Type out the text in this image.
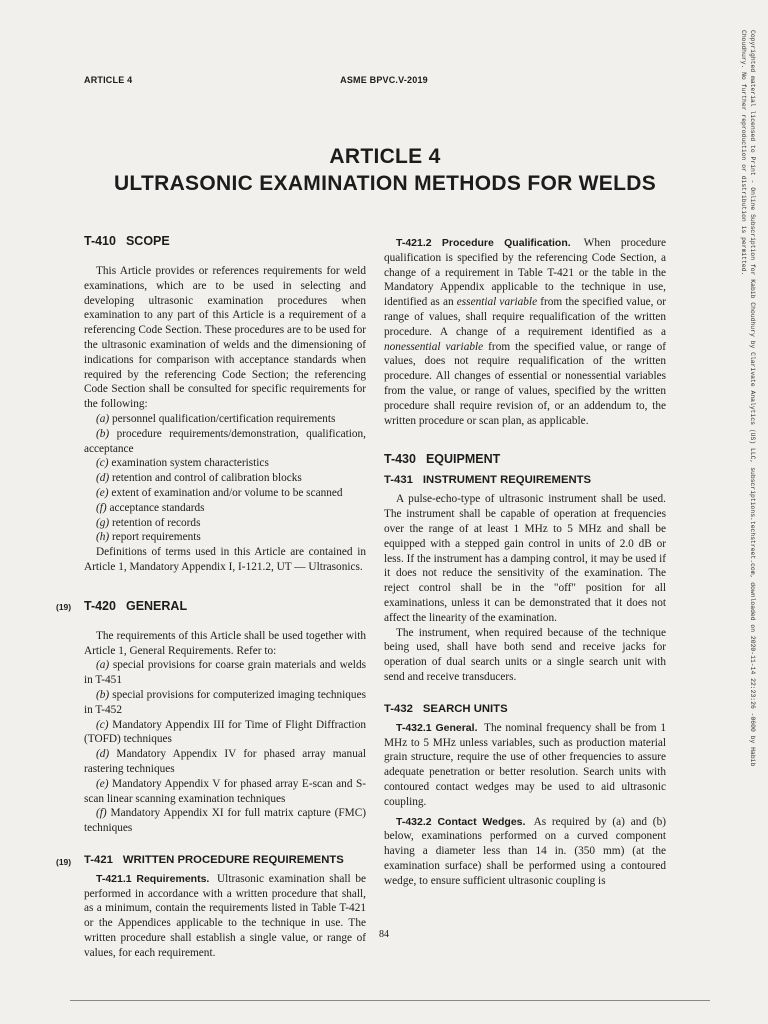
ARTICLE 4	ASME BPVC.V-2019
ARTICLE 4
ULTRASONIC EXAMINATION METHODS FOR WELDS
T-410 SCOPE

This Article provides or references requirements for weld examinations, which are to be used in selecting and developing ultrasonic examination procedures when examination to any part of this Article is a requirement of a referencing Code Section. These procedures are to be used for the ultrasonic examination of welds and the dimensioning of indications for comparison with acceptance standards when required by the referencing Code Section; the referencing Code Section shall be consulted for specific requirements for the following:

(a) personnel qualification/certification requirements

(b) procedure requirements/demonstration, qualification, acceptance

(c) examination system characteristics

(d) retention and control of calibration blocks

(e) extent of examination and/or volume to be scanned

(f) acceptance standards

(g) retention of records

(h) report requirements

Definitions of terms used in this Article are contained in Article 1, Mandatory Appendix I, I-121.2, UT — Ultrasonics.

(19) T-420 GENERAL

The requirements of this Article shall be used together with Article 1, General Requirements. Refer to:

(a) special provisions for coarse grain materials and welds in T-451

(b) special provisions for computerized imaging techniques in T-452

(c) Mandatory Appendix III for Time of Flight Diffraction (TOFD) techniques

(d) Mandatory Appendix IV for phased array manual rastering techniques

(e) Mandatory Appendix V for phased array E-scan and S-scan linear scanning examination techniques

(f) Mandatory Appendix XI for full matrix capture (FMC) techniques

(19) T-421 WRITTEN PROCEDURE REQUIREMENTS

T-421.1 Requirements. Ultrasonic examination shall be performed in accordance with a written procedure that shall, as a minimum, contain the requirements listed in Table T-421 or the Appendices applicable to the technique in use. The written procedure shall establish a single value, or range of values, for each requirement.

T-421.2 Procedure Qualification. When procedure qualification is specified by the referencing Code Section, a change of a requirement in Table T-421 or the table in the Mandatory Appendix applicable to the technique in use, identified as an essential variable from the specified value, or range of values, shall require requalification of the written procedure. A change of a requirement identified as a nonessential variable from the specified value, or range of values, does not require requalification of the written procedure. All changes of essential or nonessential variables from the value, or range of values, specified by the written procedure shall require revision of, or an addendum to, the written procedure or scan plan, as applicable.

T-430 EQUIPMENT
T-431 INSTRUMENT REQUIREMENTS

A pulse-echo-type of ultrasonic instrument shall be used. The instrument shall be capable of operation at frequencies over the range of at least 1 MHz to 5 MHz and shall be equipped with a stepped gain control in units of 2.0 dB or less. If the instrument has a damping control, it may be used if it does not reduce the sensitivity of the examination. The reject control shall be in the "off" position for all examinations, unless it can be demonstrated that it does not affect the linearity of the examination.

The instrument, when required because of the technique being used, shall have both send and receive jacks for operation of dual search units or a single search unit with send and receive transducers.

T-432 SEARCH UNITS

T-432.1 General. The nominal frequency shall be from 1 MHz to 5 MHz unless variables, such as production material grain structure, require the use of other frequencies to assure adequate penetration or better resolution. Search units with contoured contact wedges may be used to aid ultrasonic coupling.

T-432.2 Contact Wedges. As required by (a) and (b) below, examinations performed on a curved component having a diameter less than 14 in. (350 mm) (at the examination surface) shall be performed using a contoured wedge, to ensure sufficient ultrasonic coupling is

84
Copyrighted material licensed to Print - Online Subscription for Kabib Choudhury by Clarivate Analytics (US) LLC, subscriptions.techstreet.com, downloaded on 2020-11-14 22:23:26 -0600 by Habib Choudhury. No further reproduction or distribution is permitted.
